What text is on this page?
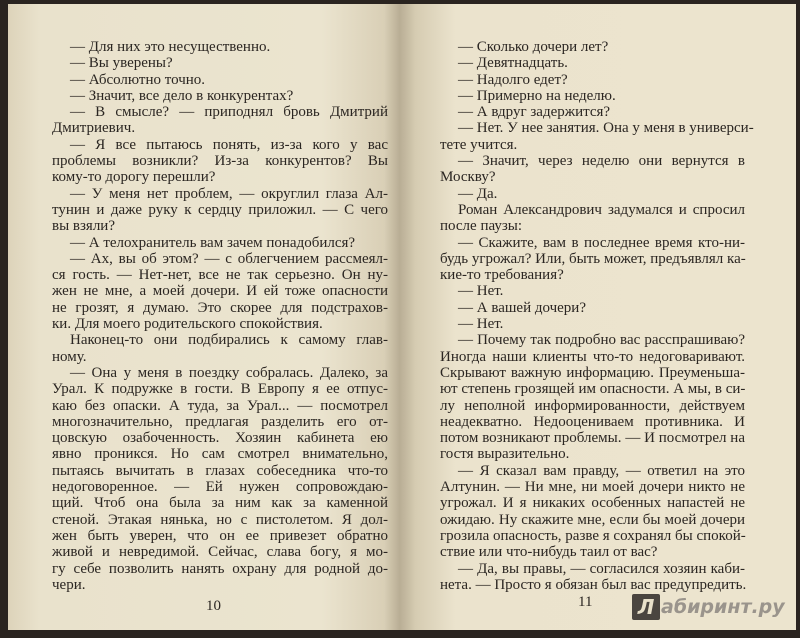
— Для них это несущественно.
— Вы уверены?
— Абсолютно точно.
— Значит, все дело в конкурентах?
— В смысле? — приподнял бровь Дмитрий
Дмитриевич.
— Я все пытаюсь понять, из-за кого у вас
проблемы возникли? Из-за конкурентов? Вы
кому-то дорогу перешли?
— У меня нет проблем, — округлил глаза Ал-
тунин и даже руку к сердцу приложил. — С чего
вы взяли?
— А телохранитель вам зачем понадобился?
— Ах, вы об этом? — с облегчением рассмеял-
ся гость. — Нет-нет, все не так серьезно. Он ну-
жен не мне, а моей дочери. И ей тоже опасности
не грозят, я думаю. Это скорее для подстрахов-
ки. Для моего родительского спокойствия.
Наконец-то они подбирались к самому глав-
ному.
— Она у меня в поездку собралась. Далеко, за
Урал. К подружке в гости. В Европу я ее отпус-
каю без опаски. А туда, за Урал... — посмотрел
многозначительно, предлагая разделить его от-
цовскую озабоченность. Хозяин кабинета ею
явно проникся. Но сам смотрел внимательно,
пытаясь вычитать в глазах собеседника что-то
недоговоренное. — Ей нужен сопровождаю-
щий. Чтоб она была за ним как за каменной
стеной. Этакая нянька, но с пистолетом. Я дол-
жен быть уверен, что он ее привезет обратно
живой и невредимой. Сейчас, слава богу, я мо-
гу себе позволить нанять охрану для родной до-
чери.
10
— Сколько дочери лет?
— Девятнадцать.
— Надолго едет?
— Примерно на неделю.
— А вдруг задержится?
— Нет. У нее занятия. Она у меня в универси-
тете учится.
— Значит, через неделю они вернутся в
Москву?
— Да.
Роман Александрович задумался и спросил
после паузы:
— Скажите, вам в последнее время кто-ни-
будь угрожал? Или, быть может, предъявлял ка-
кие-то требования?
— Нет.
— А вашей дочери?
— Нет.
— Почему так подробно вас расспрашиваю?
Иногда наши клиенты что-то недоговаривают.
Скрывают важную информацию. Преуменьша-
ют степень грозящей им опасности. А мы, в си-
лу неполной информированности, действуем
неадекватно. Недооцениваем противника. И
потом возникают проблемы. — И посмотрел на
гостя выразительно.
— Я сказал вам правду, — ответил на это
Алтунин. — Ни мне, ни моей дочери никто не
угрожал. И я никаких особенных напастей не
ожидаю. Ну скажите мне, если бы моей дочери
грозила опасность, разве я сохранял бы спокой-
ствие или что-нибудь таил от вас?
— Да, вы правы, — согласился хозяин каби-
нета. — Просто я обязан был вас предупредить.
11 Л абиринт.ру
